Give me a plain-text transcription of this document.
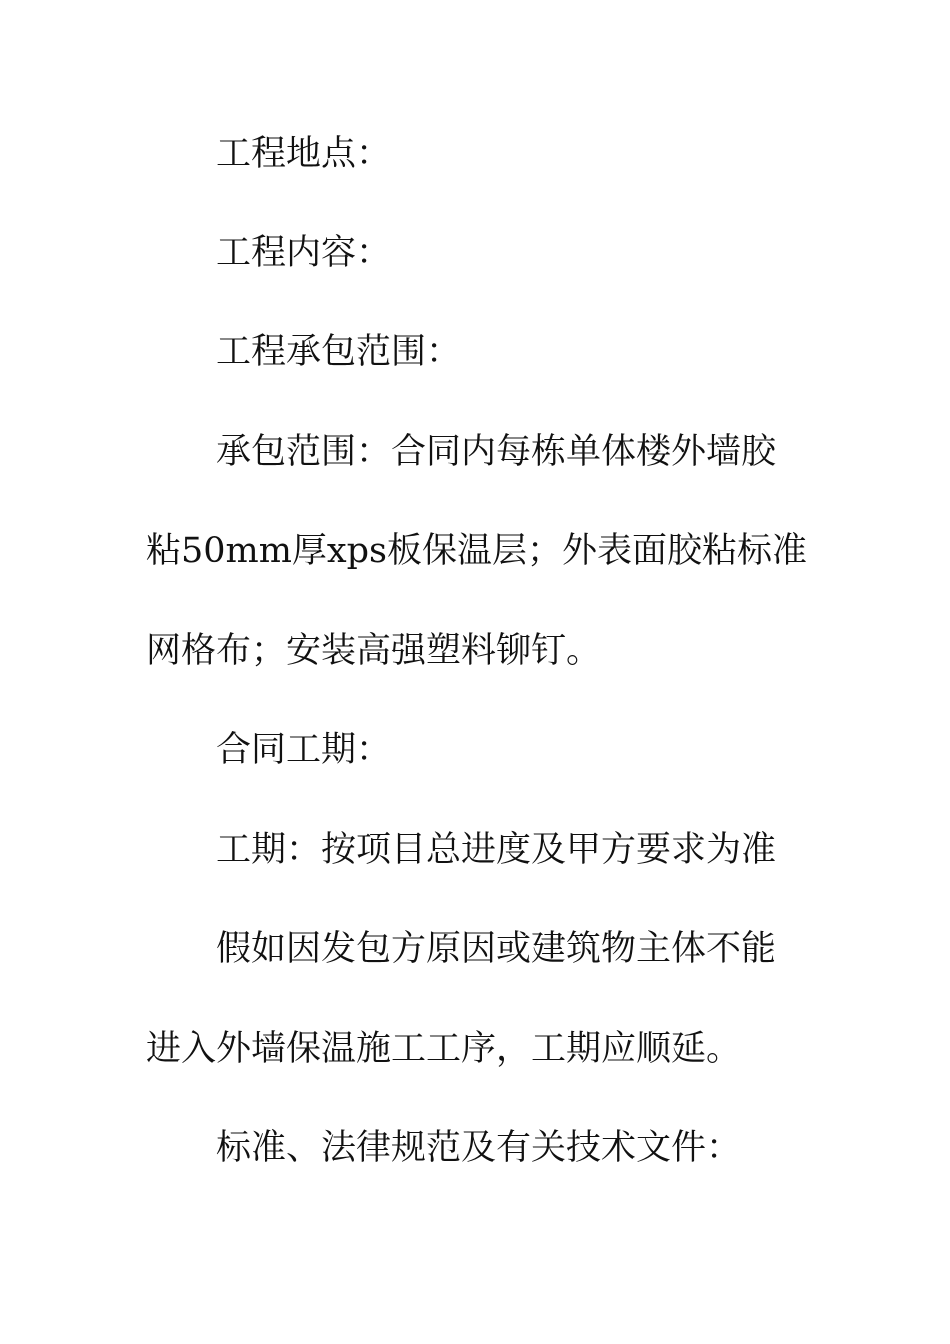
工程地点：

工程内容：

工程承包范围：

承包范围：合同内每栋单体楼外墙胶

粘50mm厚xps板保温层；外表面胶粘标准

网格布；安装高强塑料铆钉。

合同工期：

工期：按项目总进度及甲方要求为准

假如因发包方原因或建筑物主体不能

进入外墙保温施工工序，工期应顺延。

标准、法律规范及有关技术文件：
